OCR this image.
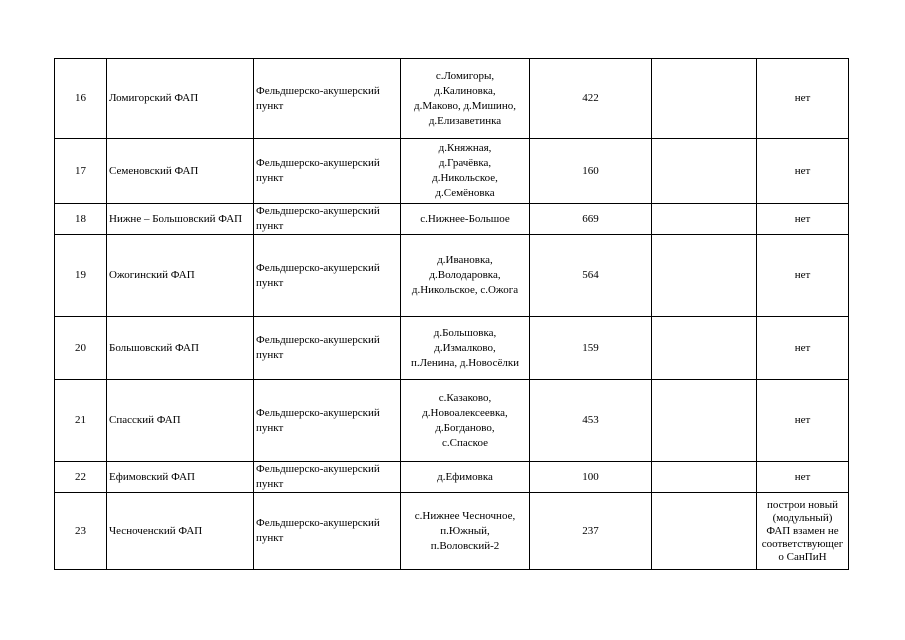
16	Ломигорский ФАП	Фельдшерско-акушерский
пункт	с.Ломигоры,
д.Калиновка,
д.Маково, д.Мишино,
д.Елизаветинка	422		нет

17	Семеновский ФАП	Фельдшерско-акушерский
пункт	д.Княжная,
д.Грачёвка,
д.Никольское,
д.Семёновка	160		нет

18	Нижне – Большовский ФАП	Фельдшерско-акушерский
пункт	с.Нижнее-Большое	669		нет

19	Ожогинский ФАП	Фельдшерско-акушерский
пункт	д.Ивановка,
д.Володаровка,
д.Никольское, с.Ожога	564		нет

20	Большовский ФАП	Фельдшерско-акушерский
пункт	д.Большовка,
д.Измалково,
п.Ленина, д.Новосёлки	159		нет

21	Спасский ФАП	Фельдшерско-акушерский
пункт	с.Казаково,
д.Новоалексеевка,
д.Богданово,
с.Спаское	453		нет

22	Ефимовский ФАП	Фельдшерско-акушерский
пункт	д.Ефимовка	100		нет

23	Чесноченский ФАП	Фельдшерско-акушерский
пункт	с.Нижнее Чесночное,
п.Южный,
п.Воловский-2	237		построи новый
(модульный)
ФАП взамен не
соответствующег
о СанПиН
